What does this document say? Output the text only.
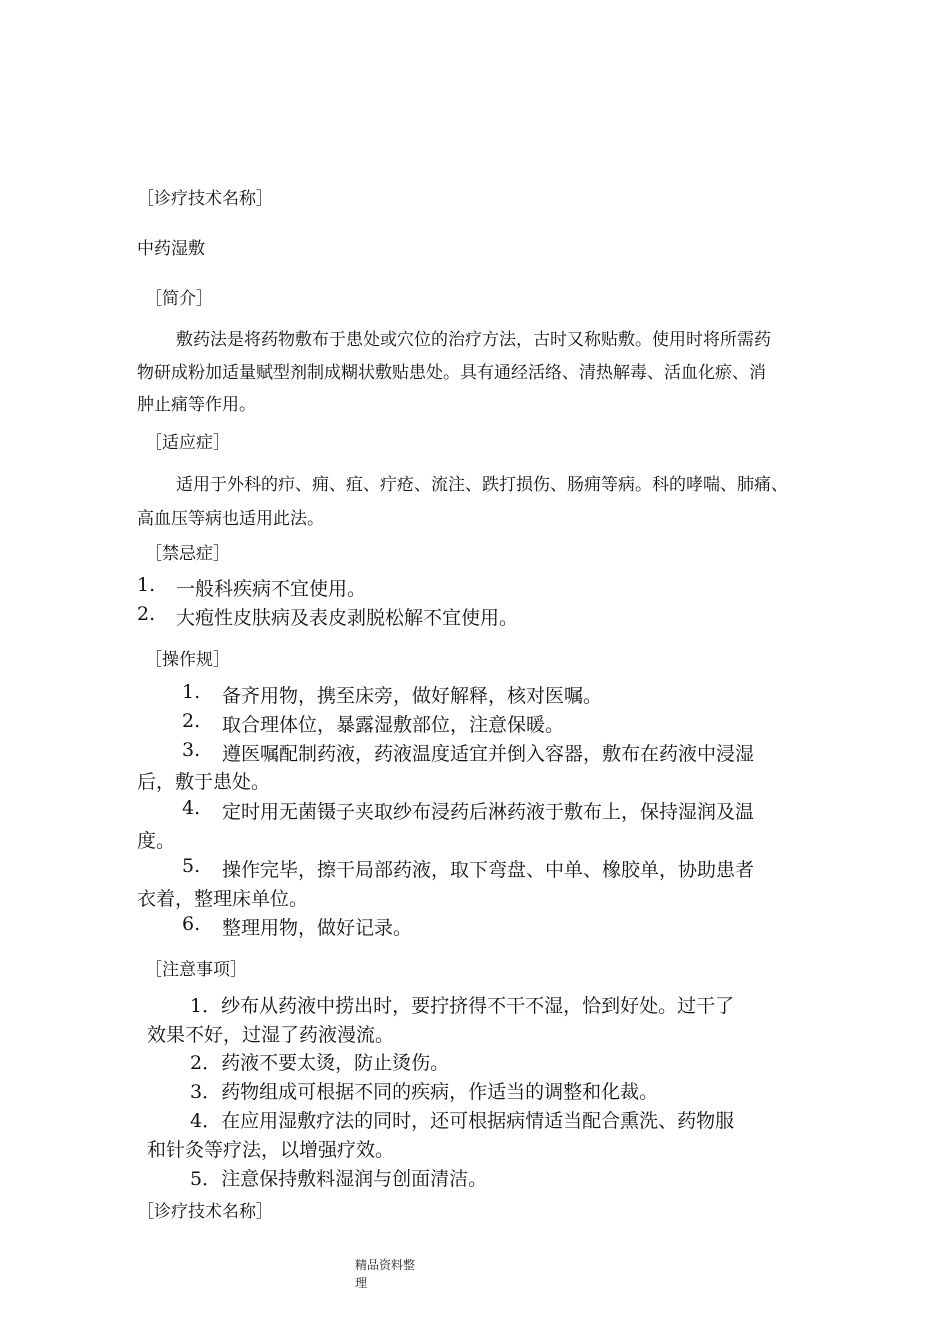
［诊疗技术名称］
中药湿敷
［简介］
敷药法是将药物敷布于患处或穴位的治疗方法，古时又称贴敷。使用时将所需药
物研成粉加适量赋型剂制成糊状敷贴患处。具有通经活络、清热解毒、活血化瘀、消
肿止痛等作用。
［适应症］
适用于外科的疖、痈、疽、疔疮、流注、跌打损伤、肠痈等病。科的哮喘、肺痛、
高血压等病也适用此法。
［禁忌症］
1. 一般科疾病不宜使用。
2. 大疱性皮肤病及表皮剥脱松解不宜使用。
［操作规］
1. 备齐用物，携至床旁，做好解释，核对医嘱。
2. 取合理体位，暴露湿敷部位，注意保暖。
3. 遵医嘱配制药液，药液温度适宜并倒入容器，敷布在药液中浸湿
后，敷于患处。
4. 定时用无菌镊子夹取纱布浸药后淋药液于敷布上，保持湿润及温
度。
5. 操作完毕，擦干局部药液，取下弯盘、中单、橡胶单，协助患者
衣着，整理床单位。
6. 整理用物，做好记录。
［注意事项］
1．纱布从药液中捞出时，要拧挤得不干不湿，恰到好处。过干了
效果不好，过湿了药液漫流。
2．药液不要太烫，防止烫伤。
3．药物组成可根据不同的疾病，作适当的调整和化裁。
4．在应用湿敷疗法的同时，还可根据病情适当配合熏洗、药物服
和针灸等疗法，以增强疗效。
5．注意保持敷料湿润与创面清洁。
［诊疗技术名称］
精品资料整
理
